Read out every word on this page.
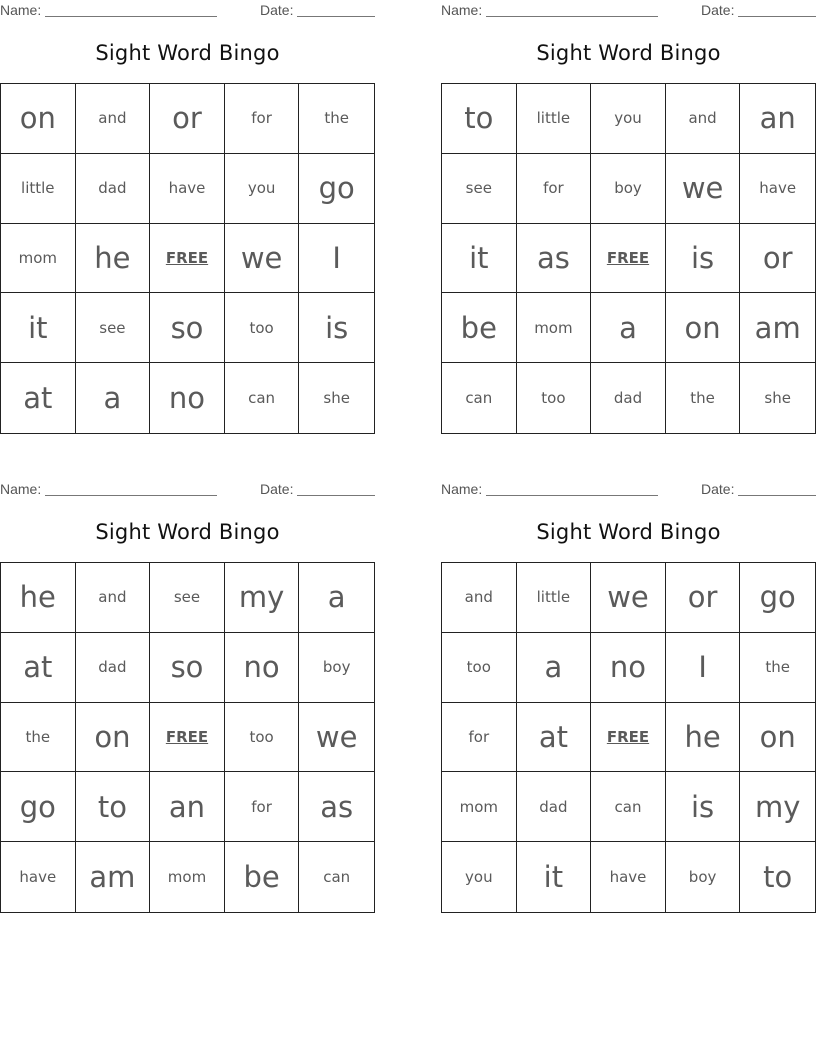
Name:	Date:
Sight Word Bingo
on	and	or	for	the
little	dad	have	you	go
mom	he	FREE	we	I
it	see	so	too	is
at	a	no	can	she
Name:	Date:
Sight Word Bingo
to	little	you	and	an
see	for	boy	we	have
it	as	FREE	is	or
be	mom	a	on	am
can	too	dad	the	she
Name:	Date:
Sight Word Bingo
he	and	see	my	a
at	dad	so	no	boy
the	on	FREE	too	we
go	to	an	for	as
have	am	mom	be	can
Name:	Date:
Sight Word Bingo
and	little	we	or	go
too	a	no	I	the
for	at	FREE	he	on
mom	dad	can	is	my
you	it	have	boy	to
